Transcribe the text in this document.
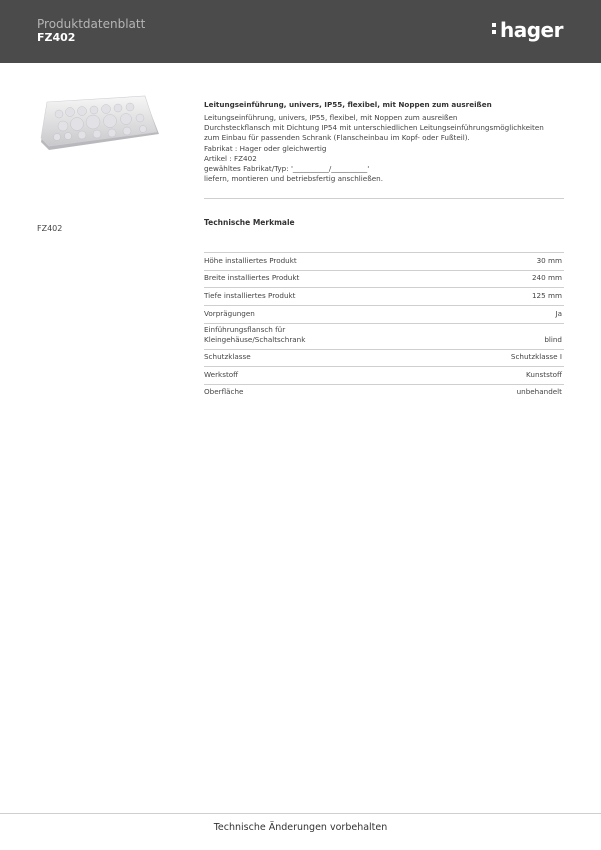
Produktdatenblatt
FZ402	hager
FZ402
Leitungseinführung, univers, IP55, flexibel, mit Noppen zum ausreißen
Leitungseinführung, univers, IP55, flexibel, mit Noppen zum ausreißen
Durchsteckflansch mit Dichtung IP54 mit unterschiedlichen Leitungseinführungsmöglichkeiten
zum Einbau für passenden Schrank (Flanscheinbau im Kopf- oder Fußteil).
Fabrikat : Hager oder gleichwertig
Artikel : FZ402
gewähltes Fabrikat/Typ: '__________/__________'
liefern, montieren und betriebsfertig anschließen.
Technische Merkmale
Höhe installiertes Produkt	30 mm
Breite installiertes Produkt	240 mm
Tiefe installiertes Produkt	125 mm
Vorprägungen	Ja
Einführungsflansch für Kleingehäuse/Schaltschrank	blind
Schutzklasse	Schutzklasse I
Werkstoff	Kunststoff
Oberfläche	unbehandelt
Technische Änderungen vorbehalten
